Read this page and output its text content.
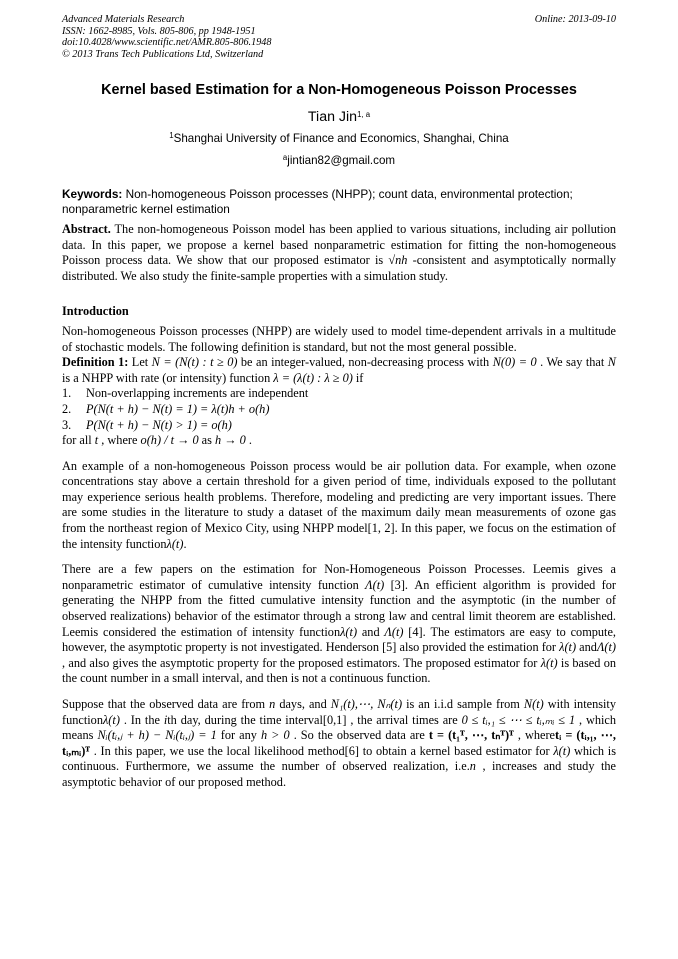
Advanced Materials Research
ISSN: 1662-8985, Vols. 805-806, pp 1948-1951
doi:10.4028/www.scientific.net/AMR.805-806.1948
© 2013 Trans Tech Publications Ltd, Switzerland
Online: 2013-09-10
Kernel based Estimation for a Non-Homogeneous Poisson Processes
Tian Jin$^{1, a}$
$^1$Shanghai University of Finance and Economics, Shanghai, China
$^a$jintian82@gmail.com
Keywords: Non-homogeneous Poisson processes (NHPP); count data, environmental protection; nonparametric kernel estimation

Abstract. The non-homogeneous Poisson model has been applied to various situations, including air pollution data. In this paper, we propose a kernel based nonparametric estimation for fitting the non-homogeneous Poisson process data. We show that our proposed estimator is √nh -consistent and asymptotically normally distributed. We also study the finite-sample properties with a simulation study.

Introduction

Non-homogeneous Poisson processes (NHPP) are widely used to model time-dependent arrivals in a multitude of stochastic models. The following definition is standard, but not the most general possible.

Definition 1: Let N = (N(t) : t ≥ 0) be an integer-valued, non-decreasing process with N(0) = 0 . We say that N is a NHPP with rate (or intensity) function λ = (λ(t) : λ ≥ 0) if

1. Non-overlapping increments are independent
2. P(N(t + h) − N(t) = 1) = λ(t)h + o(h)
3. P(N(t + h) − N(t) > 1) = o(h)

for all t , where o(h) / t → 0 as h → 0 .

An example of a non-homogeneous Poisson process would be air pollution data. For example, when ozone concentrations stay above a certain threshold for a given period of time, individuals exposed to the pollutant may experience serious health problems. Therefore, modeling and predicting are very important issues. There are some studies in the literature to study a dataset of the maximum daily mean measurements of ozone gas from the northeast region of Mexico City, using NHPP model[1, 2]. In this paper, we focus on the estimation of the intensity functionλ(t).

There are a few papers on the estimation for Non-Homogeneous Poisson Processes. Leemis gives a nonparametric estimator of cumulative intensity function Λ(t) [3]. An efficient algorithm is provided for generating the NHPP from the fitted cumulative intensity function and the asymptotic (in the number of observed realizations) behavior of the estimator through a strong law and central limit theorem are established. Leemis considered the estimation of intensity functionλ(t) and Λ(t) [4]. The estimators are easy to compute, however, the asymptotic property is not investigated. Henderson [5] also provided the estimation for λ(t) andΛ(t) , and also gives the asymptotic property for the proposed estimators. The proposed estimator for λ(t) is based on the count number in a small interval, and then is not a continuous function.

Suppose that the observed data are from n days, and N₁(t),⋯, Nₙ(t) is an i.i.d sample from N(t) with intensity functionλ(t) . In the ith day, during the time interval[0,1] , the arrival times are 0 ≤ tᵢ,₁ ≤ ⋯ ≤ tᵢ,ₘᵢ ≤ 1 , which means Nᵢ(tᵢ,ⱼ + h) − Nᵢ(tᵢ,ⱼ) = 1 for any h > 0 . So the observed data are t = (t₁ᵀ, ⋯, tₙᵀ)ᵀ , wheretᵢ = (tᵢ,₁, ⋯, tᵢ,ₘᵢ)ᵀ . In this paper, we use the local likelihood method[6] to obtain a kernel based estimator for λ(t) which is continuous. Furthermore, we assume the number of observed realization, i.e.n , increases and study the asymptotic behavior of our proposed method.
